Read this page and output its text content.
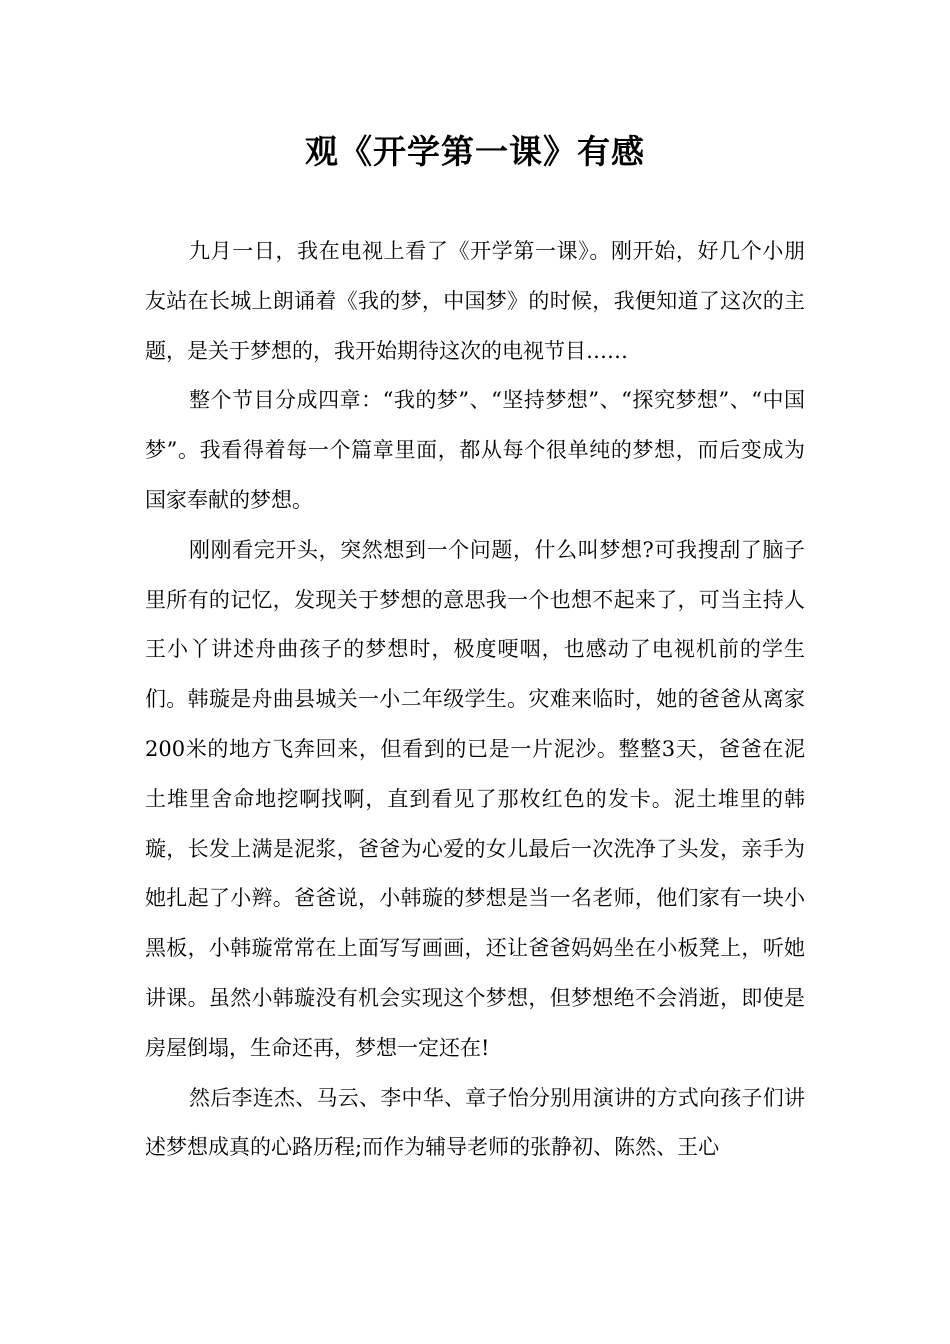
观《开学第一课》有感

九月一日，我在电视上看了《开学第一课》。刚开始，好几个小朋友站在长城上朗诵着《我的梦，中国梦》的时候，我便知道了这次的主题，是关于梦想的，我开始期待这次的电视节目……

整个节目分成四章：“我的梦”、“坚持梦想”、“探究梦想”、“中国梦”。我看得着每一个篇章里面，都从每个很单纯的梦想，而后变成为国家奉献的梦想。

刚刚看完开头，突然想到一个问题，什么叫梦想?可我搜刮了脑子里所有的记忆，发现关于梦想的意思我一个也想不起来了，可当主持人王小丫讲述舟曲孩子的梦想时，极度哽咽，也感动了电视机前的学生们。韩璇是舟曲县城关一小二年级学生。灾难来临时，她的爸爸从离家200米的地方飞奔回来，但看到的已是一片泥沙。整整3天，爸爸在泥土堆里舍命地挖啊找啊，直到看见了那枚红色的发卡。泥土堆里的韩璇，长发上满是泥浆，爸爸为心爱的女儿最后一次洗净了头发，亲手为她扎起了小辫。爸爸说，小韩璇的梦想是当一名老师，他们家有一块小黑板，小韩璇常常在上面写写画画，还让爸爸妈妈坐在小板凳上，听她讲课。虽然小韩璇没有机会实现这个梦想，但梦想绝不会消逝，即使是房屋倒塌，生命还再，梦想一定还在!

然后李连杰、马云、李中华、章子怡分别用演讲的方式向孩子们讲述梦想成真的心路历程;而作为辅导老师的张静初、陈然、王心
